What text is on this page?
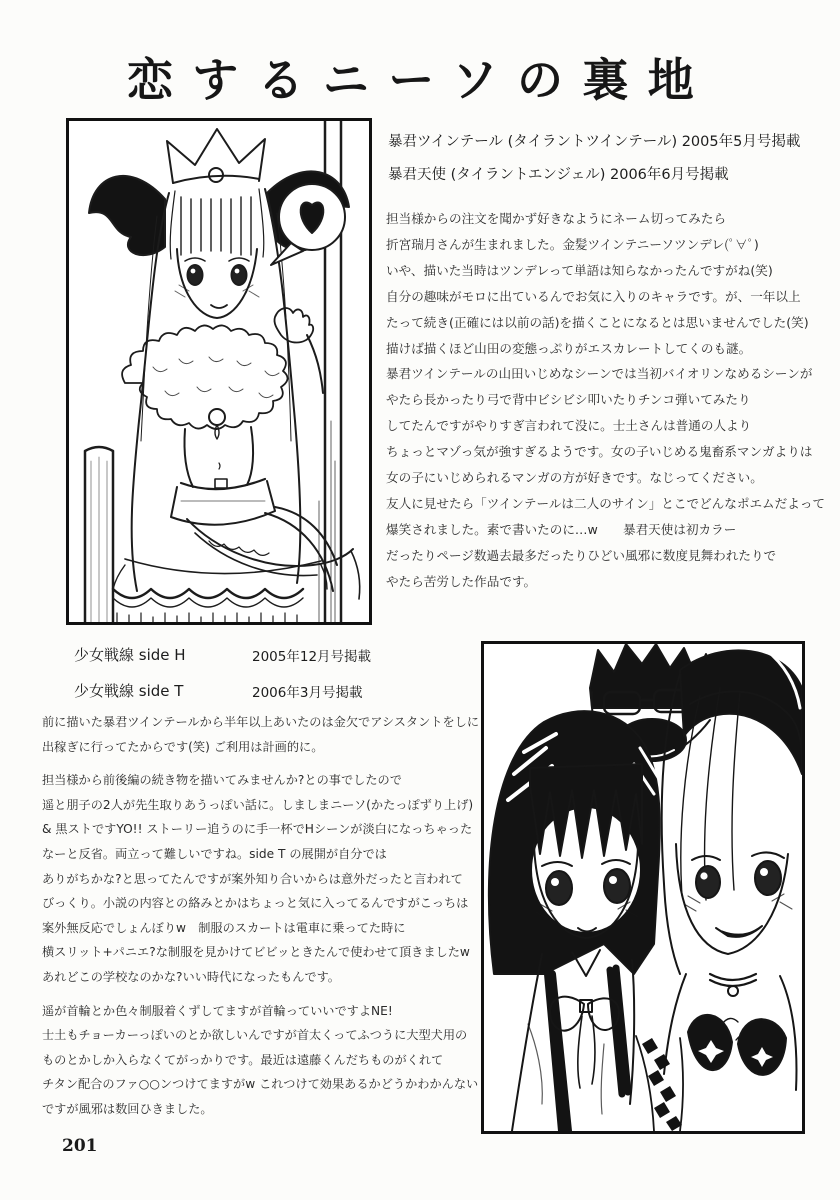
恋するニーソの裏地
暴君ツインテール (タイラントツインテール) 2005年5月号掲載
暴君天使 (タイラントエンジェル) 2006年6月号掲載
担当様からの注文を聞かず好きなようにネーム切ってみたら
折宮瑞月さんが生まれました。金髪ツインテニーソツンデレ(ﾟ∀ﾟ)
いや、描いた当時はツンデレって単語は知らなかったんですがね(笑)
自分の趣味がモロに出ているんでお気に入りのキャラです。が、一年以上
たって続き(正確には以前の話)を描くことになるとは思いませんでした(笑)
描けば描くほど山田の変態っぷりがエスカレートしてくのも謎。
暴君ツインテールの山田いじめなシーンでは当初バイオリンなめるシーンが
やたら長かったり弓で背中ビシビシ叩いたりチンコ弾いてみたり
してたんですがやりすぎ言われて没に。士土さんは普通の人より
ちょっとマゾっ気が強すぎるようです。女の子いじめる鬼畜系マンガよりは
女の子にいじめられるマンガの方が好きです。なじってください。
友人に見せたら「ツインテールは二人のサイン」とこでどんなポエムだよって
爆笑されました。素で書いたのに…w　　暴君天使は初カラー
だったりページ数過去最多だったりひどい風邪に数度見舞われたりで
やたら苦労した作品です。
少女戦線 side H	2005年12月号掲載
少女戦線 side T	2006年3月号掲載
前に描いた暴君ツインテールから半年以上あいたのは金欠でアシスタントをしに
出稼ぎに行ってたからです(笑) ご利用は計画的に。
担当様から前後編の続き物を描いてみませんか?との事でしたので
遥と朋子の2人が先生取りあうっぽい話に。しましまニーソ(かたっぽずり上げ)
& 黒ストですYO!! ストーリー追うのに手一杯でHシーンが淡白になっちゃった
なーと反省。両立って難しいですね。side T の展開が自分では
ありがちかな?と思ってたんですが案外知り合いからは意外だったと言われて
びっくり。小説の内容との絡みとかはちょっと気に入ってるんですがこっちは
案外無反応でしょんぼりw　制服のスカートは電車に乗ってた時に
横スリット+パニエ?な制服を見かけてビビッときたんで使わせて頂きましたw
あれどこの学校なのかな?いい時代になったもんです。
遥が首輪とか色々制服着くずしてますが首輪っていいですよNE!
士土もチョーカーっぽいのとか欲しいんですが首太くってふつうに大型犬用の
ものとかしか入らなくてがっかりです。最近は遠藤くんだちものがくれて
チタン配合のファ○○ンつけてますがw これつけて効果あるかどうかわかんない
ですが風邪は数回ひきました。
201
